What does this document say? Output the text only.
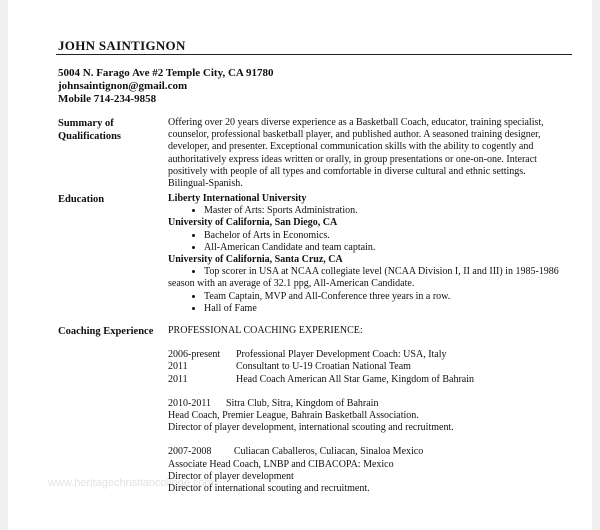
JOHN SAINTIGNON
5004 N. Farago Ave #2 Temple City, CA 91780
johnsaintignon@gmail.com
Mobile 714-234-9858
Summary of
Qualifications
Offering over 20 years diverse experience as a Basketball Coach, educator, training specialist,
counselor, professional basketball player, and published author. A seasoned training designer,
developer, and presenter. Exceptional communication skills with the ability to cogently and
authoritatively express ideas written or orally, in group presentations or one-on-one. Interact
positively with people of all types and comfortable in diverse cultural and ethnic settings.
Bilingual-Spanish.
Education	Liberty International University
• Master of Arts: Sports Administration.
University of California, San Diego, CA
• Bachelor of Arts in Economics.
• All-American Candidate and team captain.
University of California, Santa Cruz, CA
• Top scorer in USA at NCAA collegiate level (NCAA Division I, II and III) in 1985-1986
season with an average of 32.1 ppg, All-American Candidate.
• Team Captain, MVP and All-Conference three years in a row.
• Hall of Fame
Coaching Experience	PROFESSIONAL COACHING EXPERIENCE:
2006-present	Professional Player Development Coach: USA, Italy
2011	Consultant to U-19 Croatian National Team
2011	Head Coach American All Star Game, Kingdom of Bahrain
2010-2011      Sitra Club, Sitra, Kingdom of Bahrain
Head Coach, Premier League, Bahrain Basketball Association.
Director of player development, international scouting and recruitment.
2007-2008         Culiacan Caballeros, Culiacan, Sinaloa Mexico
Associate Head Coach, LNBP and CIBACOPA: Mexico
Director of player development
Director of international scouting and recruitment.
www.heritagechristiancollege.com
